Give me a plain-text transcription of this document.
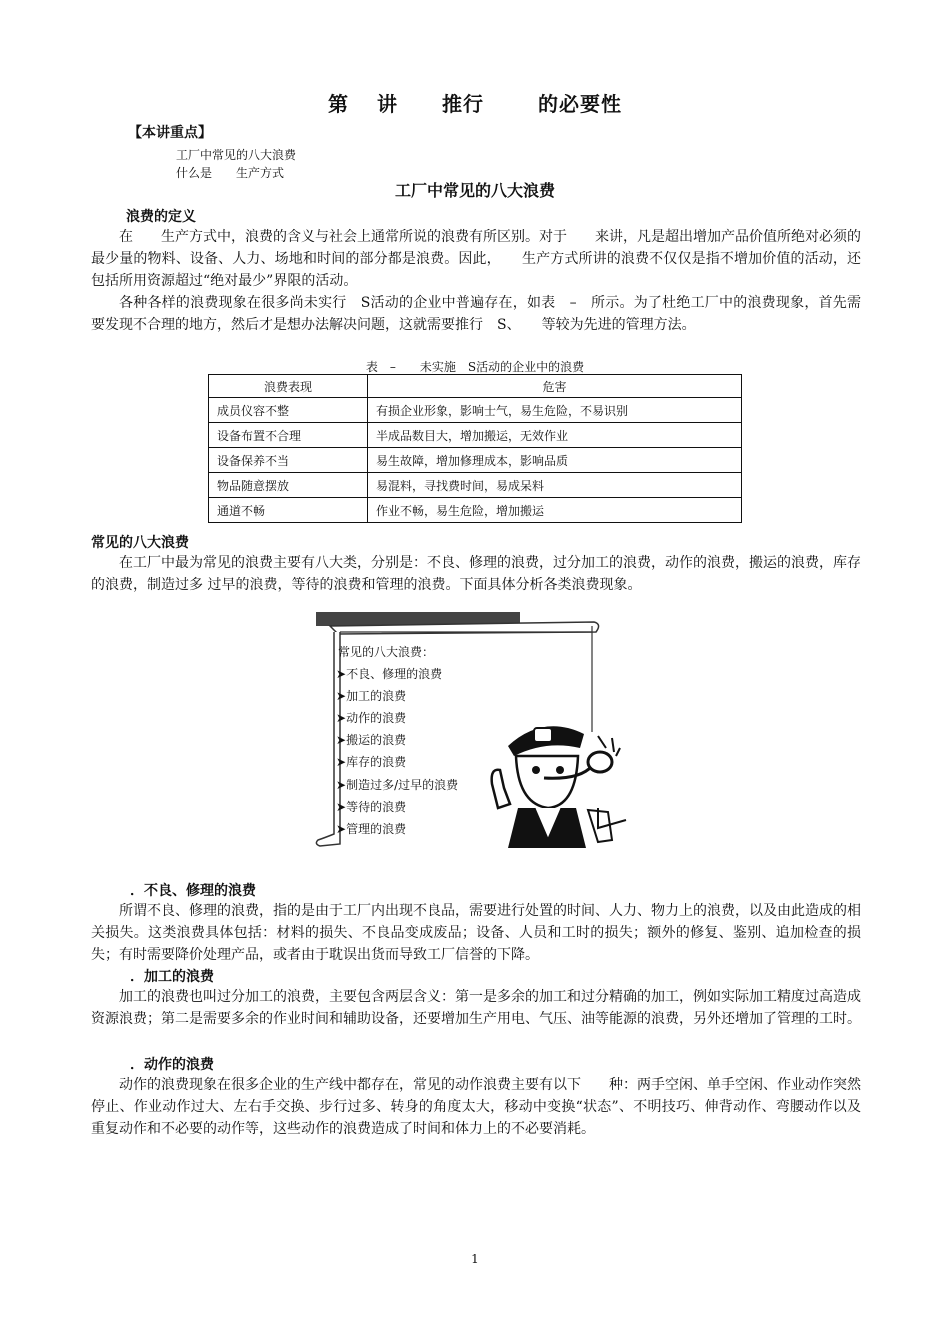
第 讲 推行	的必要性
【本讲重点】
工厂中常见的八大浪费
什么是　　生产方式
工厂中常见的八大浪费
浪费的定义

在　　生产方式中，浪费的含义与社会上通常所说的浪费有所区别。对于　　来讲，凡是超出增加产品价值所绝对必须的最少量的物料、设备、人力、场地和时间的部分都是浪费。因此，　　生产方式所讲的浪费不仅仅是指不增加价值的活动，还包括所用资源超过“绝对最少”界限的活动。

各种各样的浪费现象在很多尚未实行　S活动的企业中普遍存在，如表　–　所示。为了杜绝工厂中的浪费现象，首先需要发现不合理的地方，然后才是想办法解决问题，这就需要推行　S、　　等较为先进的管理方法。

表　–　　未实施　S活动的企业中的浪费
浪费表现	危害
成员仪容不整	有损企业形象，影响士气，易生危险，不易识别
设备布置不合理	半成品数目大，增加搬运，无效作业
设备保养不当	易生故障，增加修理成本，影响品质
物品随意摆放	易混料，寻找费时间，易成呆料
通道不畅	作业不畅，易生危险，增加搬运
常见的八大浪费

在工厂中最为常见的浪费主要有八大类，分别是：不良、修理的浪费，过分加工的浪费，动作的浪费，搬运的浪费，库存的浪费，制造过多 过早的浪费，等待的浪费和管理的浪费。下面具体分析各类浪费现象。

常见的八大浪费：
➤不良、修理的浪费
➤加工的浪费
➤动作的浪费
➤搬运的浪费
➤库存的浪费
➤制造过多/过早的浪费
➤等待的浪费
➤管理的浪费
．不良、修理的浪费

所谓不良、修理的浪费，指的是由于工厂内出现不良品，需要进行处置的时间、人力、物力上的浪费，以及由此造成的相关损失。这类浪费具体包括：材料的损失、不良品变成废品；设备、人员和工时的损失；额外的修复、鉴别、追加检查的损失；有时需要降价处理产品，或者由于耽误出货而导致工厂信誉的下降。

．加工的浪费

加工的浪费也叫过分加工的浪费，主要包含两层含义：第一是多余的加工和过分精确的加工，例如实际加工精度过高造成资源浪费；第二是需要多余的作业时间和辅助设备，还要增加生产用电、气压、油等能源的浪费，另外还增加了管理的工时。

．动作的浪费

动作的浪费现象在很多企业的生产线中都存在，常见的动作浪费主要有以下　　种：两手空闲、单手空闲、作业动作突然停止、作业动作过大、左右手交换、步行过多、转身的角度太大，移动中变换“状态”、不明技巧、伸背动作、弯腰动作以及重复动作和不必要的动作等，这些动作的浪费造成了时间和体力上的不必要消耗。

1
